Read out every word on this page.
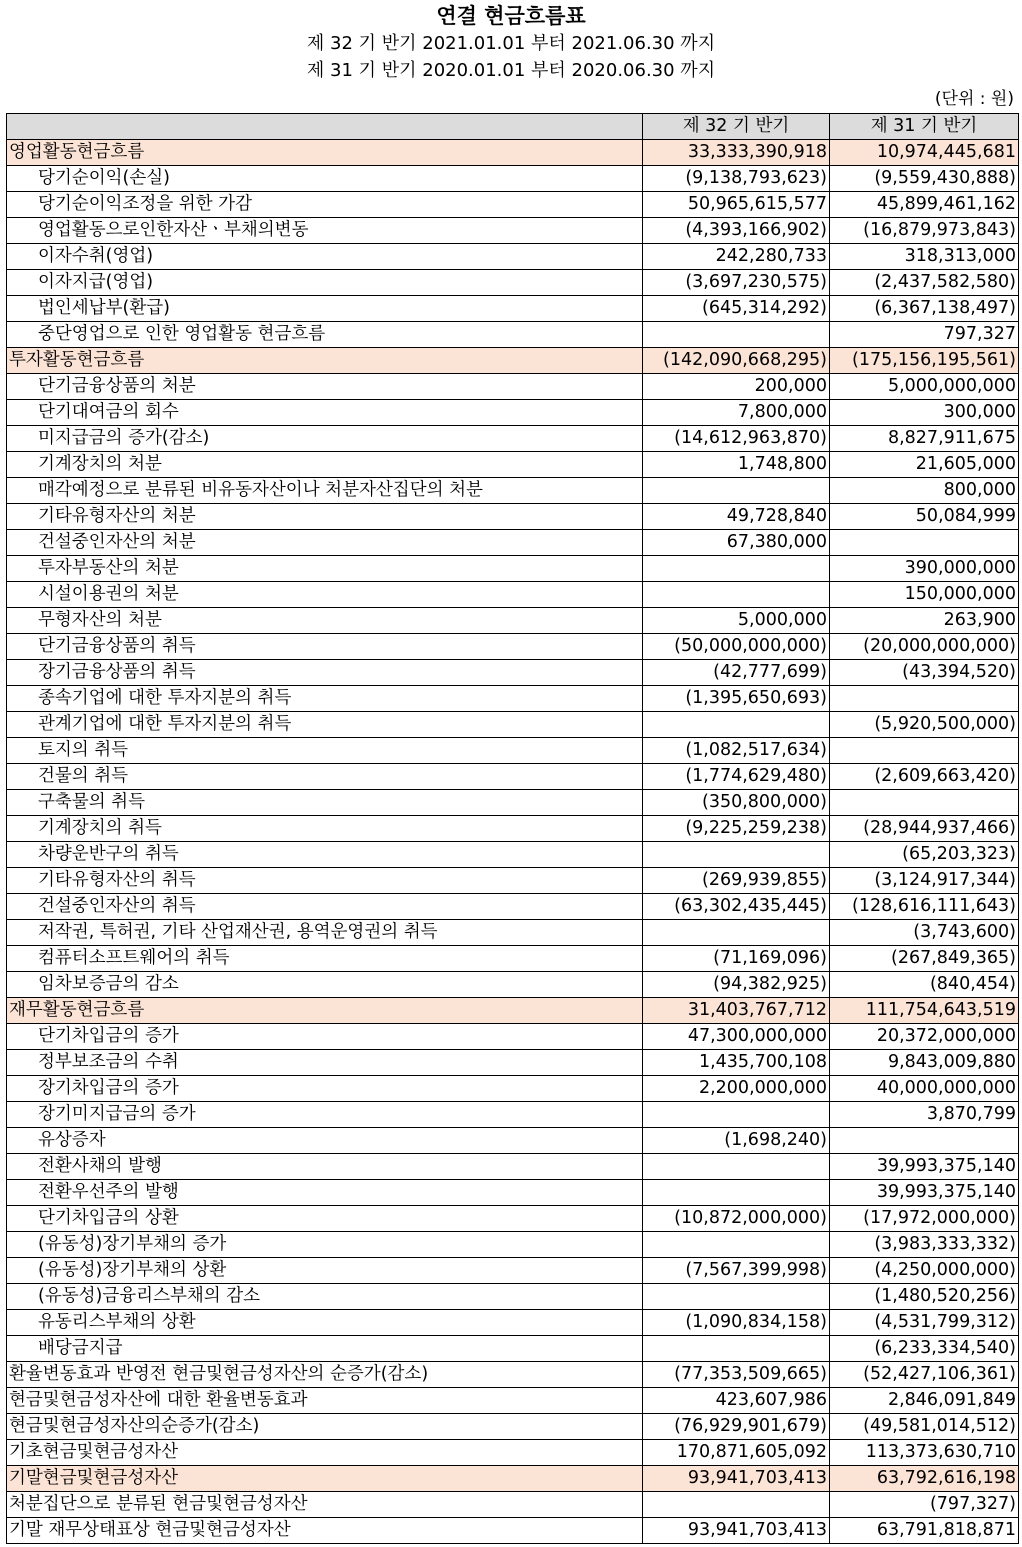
연결 현금흐름표
제 32 기 반기 2021.01.01 부터 2021.06.30 까지
제 31 기 반기 2020.01.01 부터 2020.06.30 까지
(단위 : 원)
	제 32 기 반기	제 31 기 반기
영업활동현금흐름	33,333,390,918	10,974,445,681
당기순이익(손실)	(9,138,793,623)	(9,559,430,888)
당기순이익조정을 위한 가감	50,965,615,577	45,899,461,162
영업활동으로인한자산ㆍ부채의변동	(4,393,166,902)	(16,879,973,843)
이자수취(영업)	242,280,733	318,313,000
이자지급(영업)	(3,697,230,575)	(2,437,582,580)
법인세납부(환급)	(645,314,292)	(6,367,138,497)
중단영업으로 인한 영업활동 현금흐름		797,327
투자활동현금흐름	(142,090,668,295)	(175,156,195,561)
단기금융상품의 처분	200,000	5,000,000,000
단기대여금의 회수	7,800,000	300,000
미지급금의 증가(감소)	(14,612,963,870)	8,827,911,675
기계장치의 처분	1,748,800	21,605,000
매각예정으로 분류된 비유동자산이나 처분자산집단의 처분		800,000
기타유형자산의 처분	49,728,840	50,084,999
건설중인자산의 처분	67,380,000	
투자부동산의 처분		390,000,000
시설이용권의 처분		150,000,000
무형자산의 처분	5,000,000	263,900
단기금융상품의 취득	(50,000,000,000)	(20,000,000,000)
장기금융상품의 취득	(42,777,699)	(43,394,520)
종속기업에 대한 투자지분의 취득	(1,395,650,693)	
관계기업에 대한 투자지분의 취득		(5,920,500,000)
토지의 취득	(1,082,517,634)	
건물의 취득	(1,774,629,480)	(2,609,663,420)
구축물의 취득	(350,800,000)	
기계장치의 취득	(9,225,259,238)	(28,944,937,466)
차량운반구의 취득		(65,203,323)
기타유형자산의 취득	(269,939,855)	(3,124,917,344)
건설중인자산의 취득	(63,302,435,445)	(128,616,111,643)
저작권, 특허권, 기타 산업재산권, 용역운영권의 취득		(3,743,600)
컴퓨터소프트웨어의 취득	(71,169,096)	(267,849,365)
임차보증금의 감소	(94,382,925)	(840,454)
재무활동현금흐름	31,403,767,712	111,754,643,519
단기차입금의 증가	47,300,000,000	20,372,000,000
정부보조금의 수취	1,435,700,108	9,843,009,880
장기차입금의 증가	2,200,000,000	40,000,000,000
장기미지급금의 증가		3,870,799
유상증자	(1,698,240)	
전환사채의 발행		39,993,375,140
전환우선주의 발행		39,993,375,140
단기차입금의 상환	(10,872,000,000)	(17,972,000,000)
(유동성)장기부채의 증가		(3,983,333,332)
(유동성)장기부채의 상환	(7,567,399,998)	(4,250,000,000)
(유동성)금융리스부채의 감소		(1,480,520,256)
유동리스부채의 상환	(1,090,834,158)	(4,531,799,312)
배당금지급		(6,233,334,540)
환율변동효과 반영전 현금및현금성자산의 순증가(감소)	(77,353,509,665)	(52,427,106,361)
현금및현금성자산에 대한 환율변동효과	423,607,986	2,846,091,849
현금및현금성자산의순증가(감소)	(76,929,901,679)	(49,581,014,512)
기초현금및현금성자산	170,871,605,092	113,373,630,710
기말현금및현금성자산	93,941,703,413	63,792,616,198
처분집단으로 분류된 현금및현금성자산		(797,327)
기말 재무상태표상 현금및현금성자산	93,941,703,413	63,791,818,871
